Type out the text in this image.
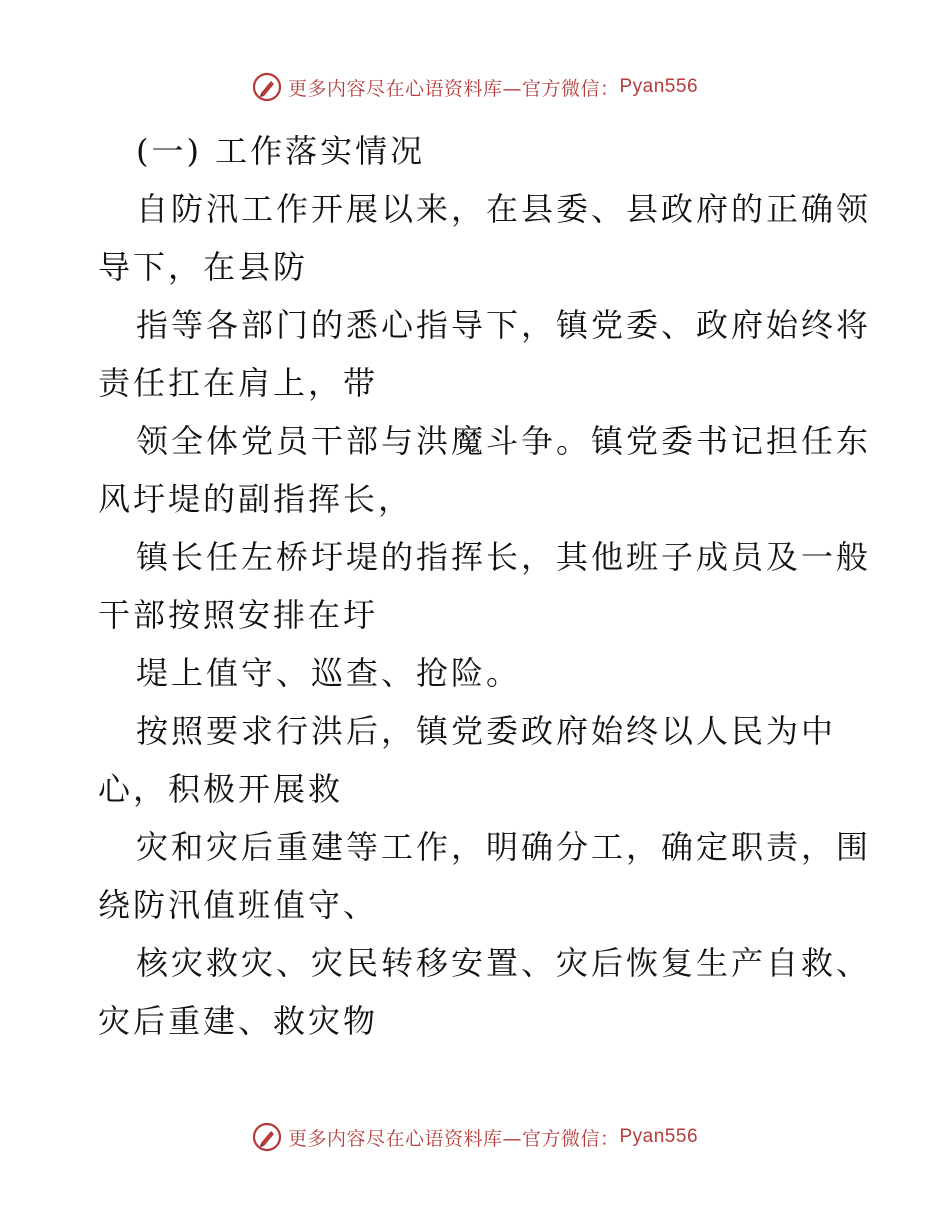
更多内容尽在心语资料库—官方微信： Pyan556
(一) 工作落实情况
自防汛工作开展以来，在县委、县政府的正确领
导下，在县防
指等各部门的悉心指导下，镇党委、政府始终将
责任扛在肩上，带
领全体党员干部与洪魔斗争。镇党委书记担任东
风圩堤的副指挥长，
镇长任左桥圩堤的指挥长，其他班子成员及一般
干部按照安排在圩
堤上值守、巡查、抢险。
按照要求行洪后，镇党委政府始终以人民为中
心，积极开展救
灾和灾后重建等工作，明确分工，确定职责，围
绕防汛值班值守、
核灾救灾、灾民转移安置、灾后恢复生产自救、
灾后重建、救灾物
更多内容尽在心语资料库—官方微信： Pyan556
